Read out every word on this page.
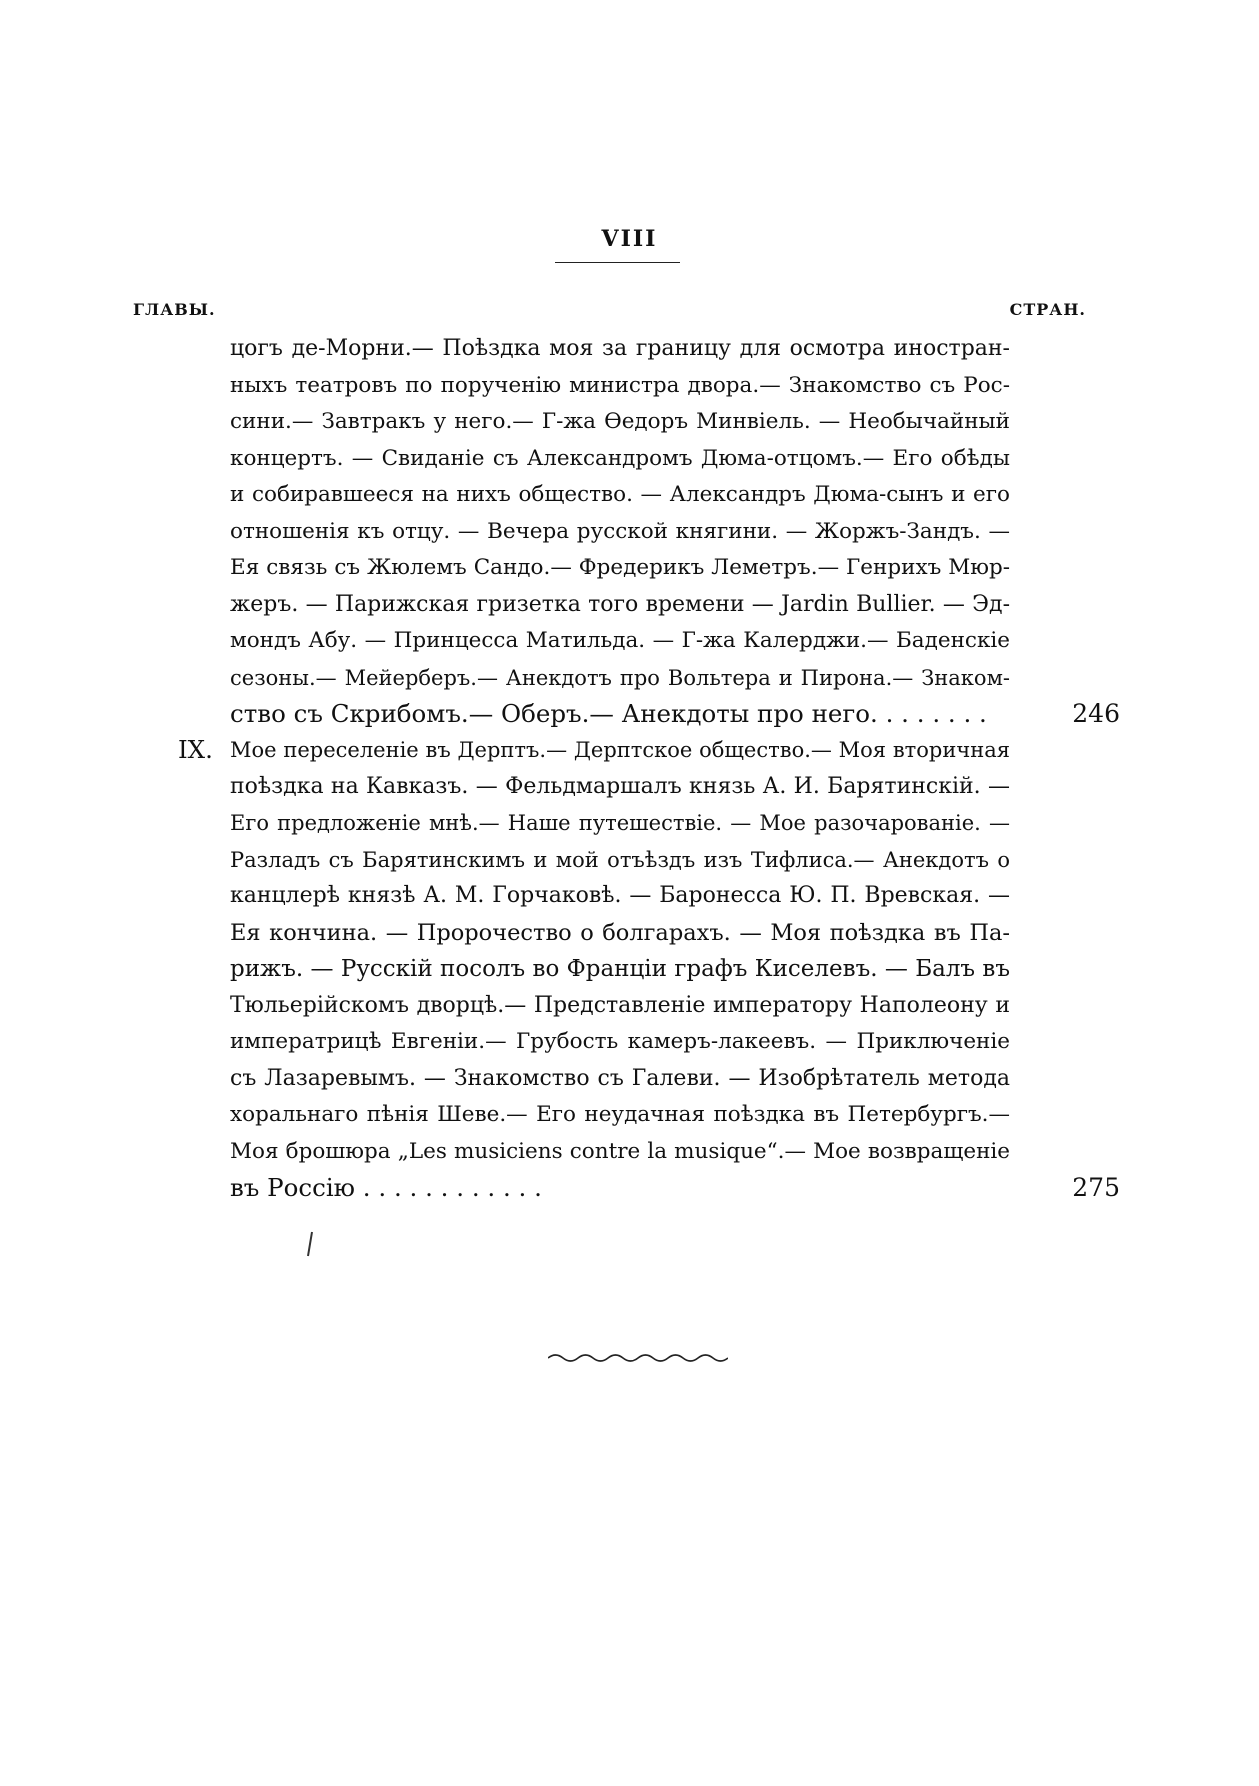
VIII
ГЛАВЫ.	СТРАН.
цогъ де-Морни.— Поѣздка моя за границу для осмотра иностран-
ныхъ театровъ по порученію министра двора.— Знакомство съ Рос-
сини.— Завтракъ у него.— Г-жа Ѳедоръ Минвіель. — Необычайный
концертъ. — Свиданіе съ Александромъ Дюма-отцомъ.— Его обѣды
и собиравшееся на нихъ общество. — Александръ Дюма-сынъ и его
отношенія къ отцу. — Вечера русской княгини. — Жоржъ-Зандъ. —
Ея связь съ Жюлемъ Сандо.— Фредерикъ Леметръ.— Генрихъ Мюр-
жеръ. — Парижская гризетка того времени — Jardin Bullier. — Эд-
мондъ Абу. — Принцесса Матильда. — Г-жа Калерджи.— Баденскіе
сезоны.— Мейерберъ.— Анекдотъ про Вольтера и Пирона.— Знаком-
ство съ Скрибомъ.— Оберъ.— Анекдоты про него. . . . . . . .	246
IX. Мое переселеніе въ Дерптъ.— Дерптское общество.— Моя вторичная
поѣздка на Кавказъ. — Фельдмаршалъ князь А. И. Барятинскій. —
Его предложеніе мнѣ.— Наше путешествіе. — Мое разочарованіе. —
Разладъ съ Барятинскимъ и мой отъѣздъ изъ Тифлиса.— Анекдотъ о
канцлерѣ князѣ А. М. Горчаковѣ. — Баронесса Ю. П. Вревская. —
Ея кончина. — Пророчество о болгарахъ. — Моя поѣздка въ Па-
рижъ. — Русскій посолъ во Франціи графъ Киселевъ. — Балъ въ
Тюльерійскомъ дворцѣ.— Представленіе императору Наполеону и
императрицѣ Евгеніи.— Грубость камеръ-лакеевъ. — Приключеніе
съ Лазаревымъ. — Знакомство съ Галеви. — Изобрѣтатель метода
хоральнаго пѣнія Шеве.— Его неудачная поѣздка въ Петербургъ.—
Моя брошюра „Les musiciens contre la musique“.— Мое возвращеніе
въ Россію . . . . . . . . . . . .	275
